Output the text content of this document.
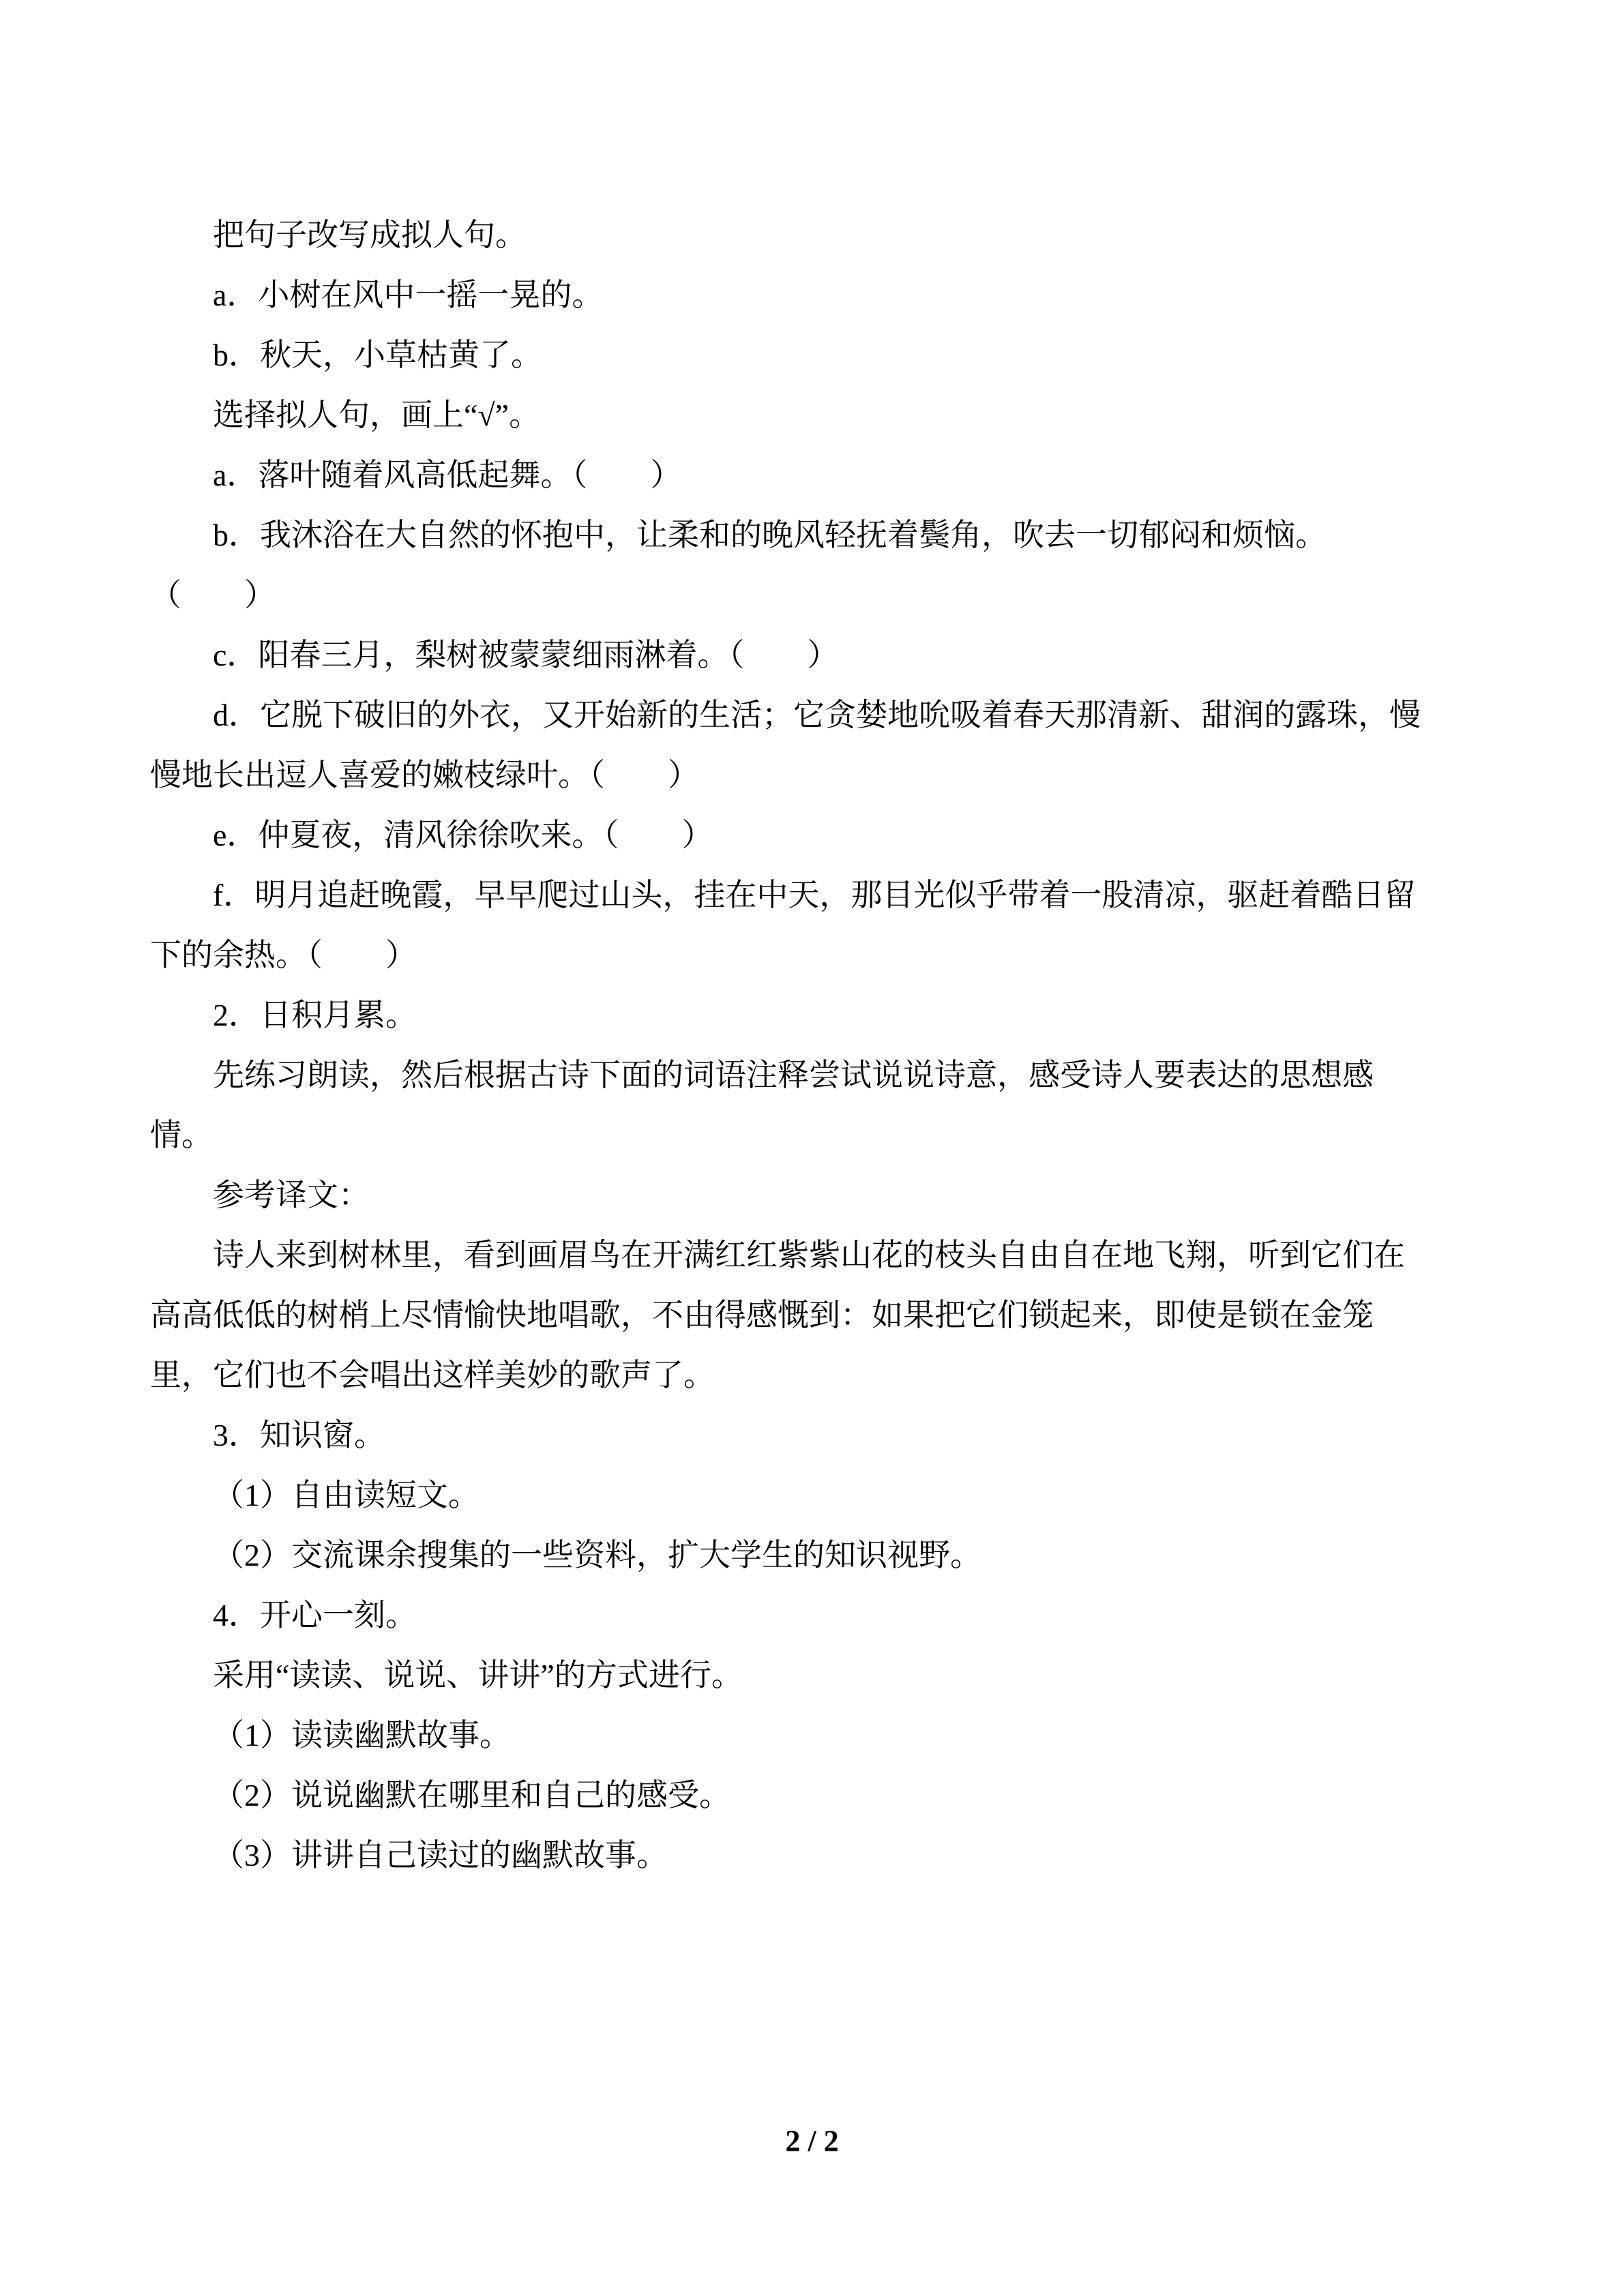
把句子改写成拟人句。
a．小树在风中一摇一晃的。
b．秋天，小草枯黄了。
选择拟人句，画上“√”。
a．落叶随着风高低起舞。（　　）
b．我沐浴在大自然的怀抱中，让柔和的晚风轻抚着鬓角，吹去一切郁闷和烦恼。
（　　）
c．阳春三月，梨树被蒙蒙细雨淋着。（　　）
d．它脱下破旧的外衣，又开始新的生活；它贪婪地吮吸着春天那清新、甜润的露珠，慢
慢地长出逗人喜爱的嫩枝绿叶。（　　）
e．仲夏夜，清风徐徐吹来。（　　）
f．明月追赶晚霞，早早爬过山头，挂在中天，那目光似乎带着一股清凉，驱赶着酷日留
下的余热。（　　）
2．日积月累。
先练习朗读，然后根据古诗下面的词语注释尝试说说诗意，感受诗人要表达的思想感
情。
参考译文：
诗人来到树林里，看到画眉鸟在开满红红紫紫山花的枝头自由自在地飞翔，听到它们在
高高低低的树梢上尽情愉快地唱歌，不由得感慨到：如果把它们锁起来，即使是锁在金笼
里，它们也不会唱出这样美妙的歌声了。
3．知识窗。
（1）自由读短文。
（2）交流课余搜集的一些资料，扩大学生的知识视野。
4．开心一刻。
采用“读读、说说、讲讲”的方式进行。
（1）读读幽默故事。
（2）说说幽默在哪里和自己的感受。
（3）讲讲自己读过的幽默故事。
2 / 2
